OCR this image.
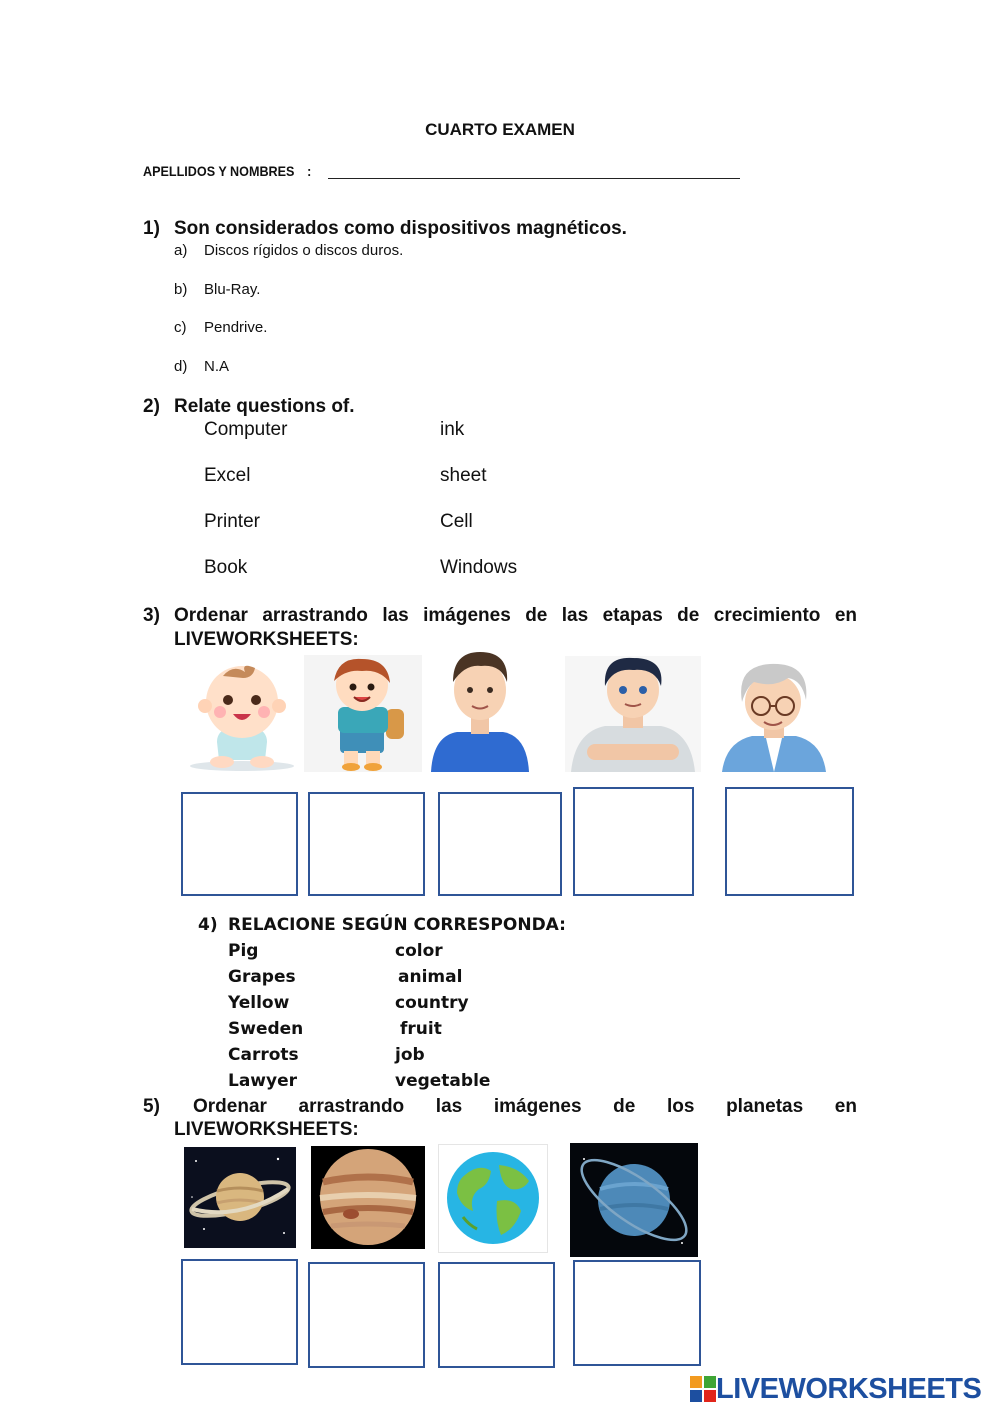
CUARTO EXAMEN
APELLIDOS Y NOMBRES :
1) Son considerados como dispositivos magnéticos.
a) Discos rígidos o discos duros.
b) Blu-Ray.
c) Pendrive.
d) N.A
2) Relate questions of.
Computer	ink
Excel	sheet
Printer	Cell
Book	Windows
3) Ordenar arrastrando las imágenes de las etapas de crecimiento en
LIVEWORKSHEETS:
4) RELACIONE SEGÚN CORRESPONDA:
Pig	color
Grapes	animal
Yellow	country
Sweden	fruit
Carrots	job
Lawyer	vegetable
5) Ordenar arrastrando las imágenes de los planetas en
LIVEWORKSHEETS:
LIVEWORKSHEETS
